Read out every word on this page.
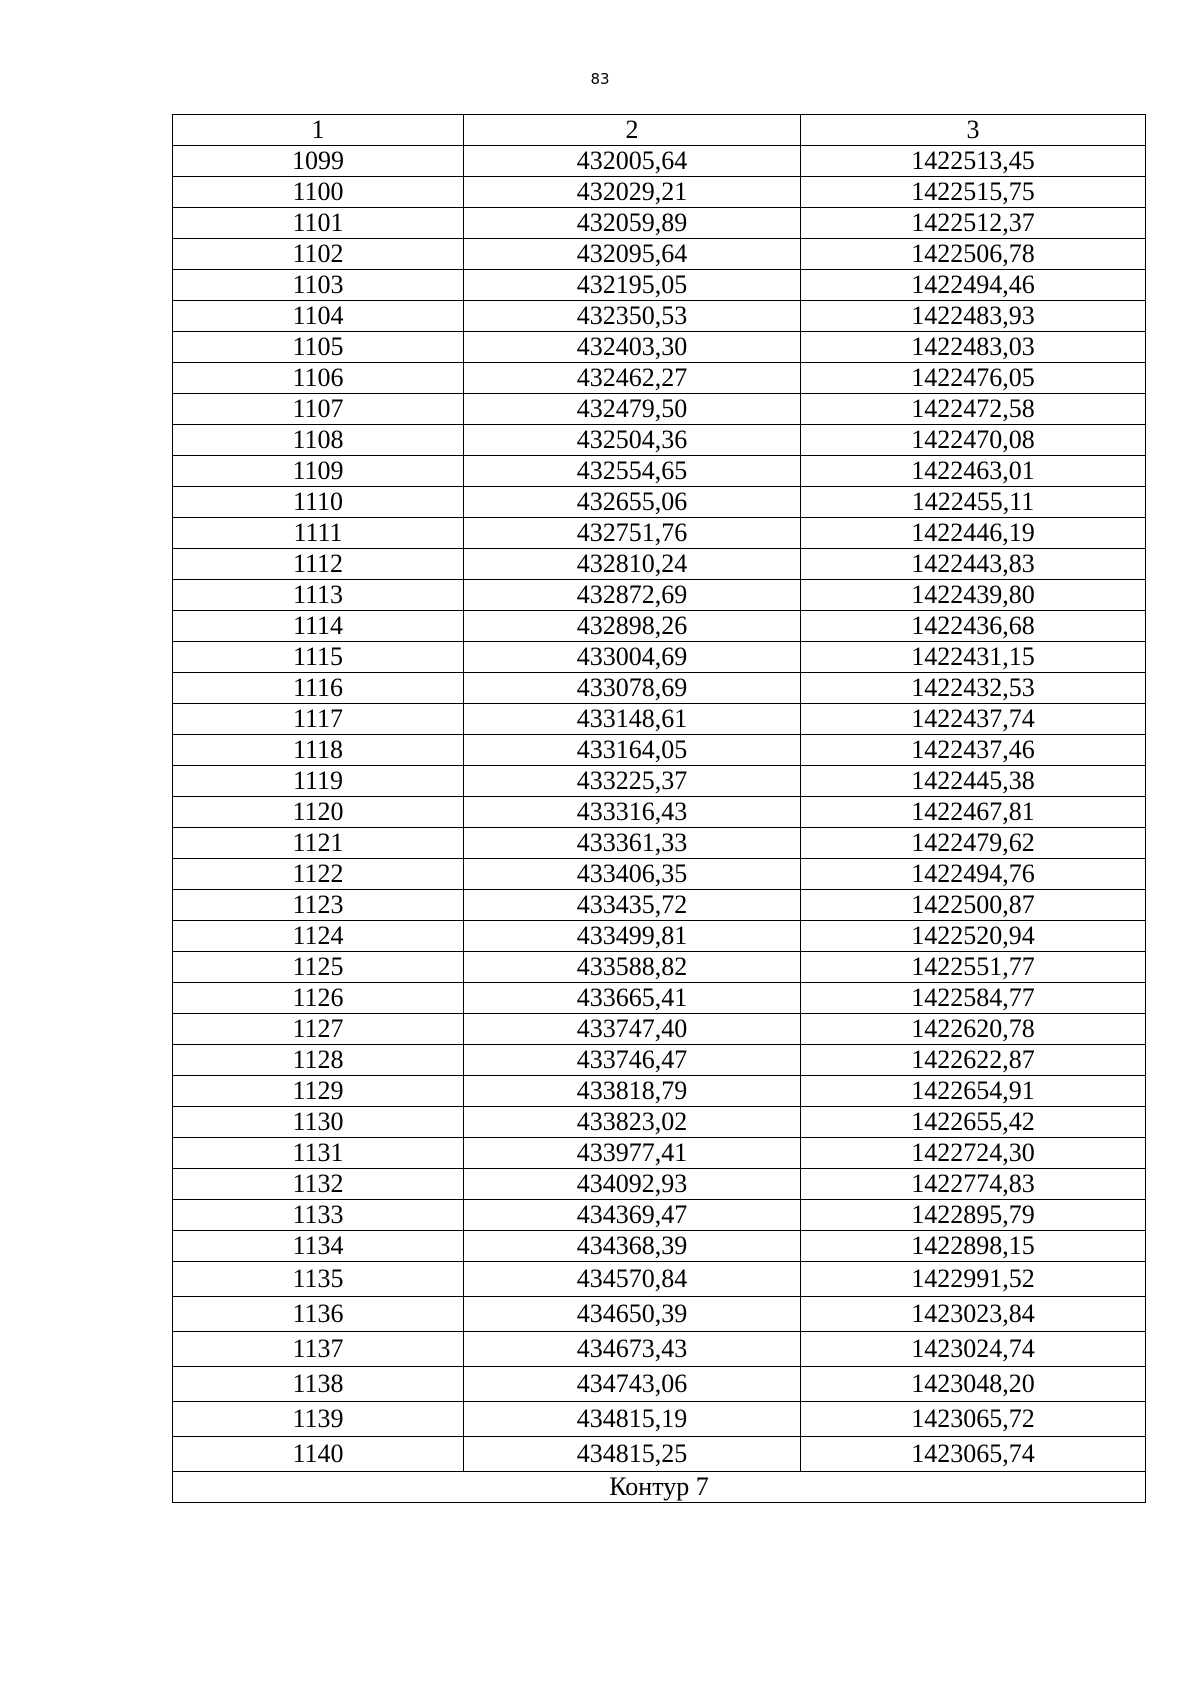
83
1	2	3
1099	432005,64	1422513,45
1100	432029,21	1422515,75
1101	432059,89	1422512,37
1102	432095,64	1422506,78
1103	432195,05	1422494,46
1104	432350,53	1422483,93
1105	432403,30	1422483,03
1106	432462,27	1422476,05
1107	432479,50	1422472,58
1108	432504,36	1422470,08
1109	432554,65	1422463,01
1110	432655,06	1422455,11
1111	432751,76	1422446,19
1112	432810,24	1422443,83
1113	432872,69	1422439,80
1114	432898,26	1422436,68
1115	433004,69	1422431,15
1116	433078,69	1422432,53
1117	433148,61	1422437,74
1118	433164,05	1422437,46
1119	433225,37	1422445,38
1120	433316,43	1422467,81
1121	433361,33	1422479,62
1122	433406,35	1422494,76
1123	433435,72	1422500,87
1124	433499,81	1422520,94
1125	433588,82	1422551,77
1126	433665,41	1422584,77
1127	433747,40	1422620,78
1128	433746,47	1422622,87
1129	433818,79	1422654,91
1130	433823,02	1422655,42
1131	433977,41	1422724,30
1132	434092,93	1422774,83
1133	434369,47	1422895,79
1134	434368,39	1422898,15
1135	434570,84	1422991,52
1136	434650,39	1423023,84
1137	434673,43	1423024,74
1138	434743,06	1423048,20
1139	434815,19	1423065,72
1140	434815,25	1423065,74
Контур 7		
